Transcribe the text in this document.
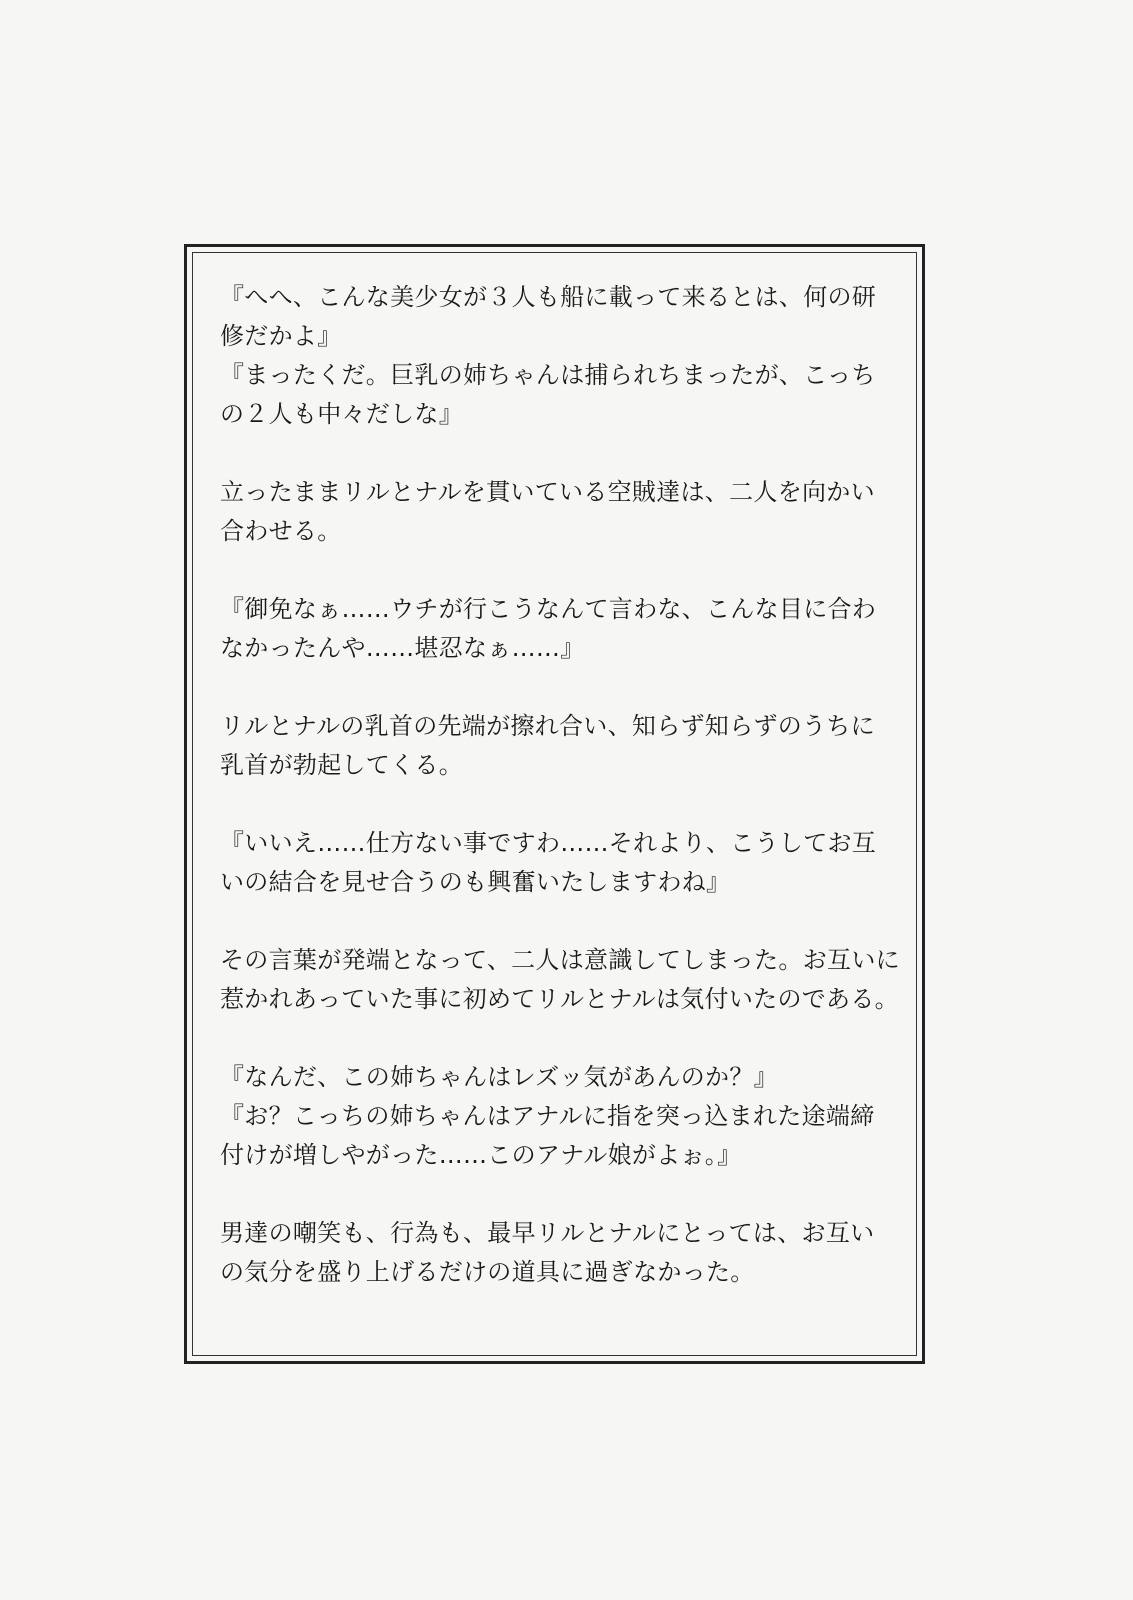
『へへ、こんな美少女が３人も船に載って来るとは、何の研
修だかよ』
『まったくだ。巨乳の姉ちゃんは捕られちまったが、こっち
の２人も中々だしな』
立ったままリルとナルを貫いている空賊達は、二人を向かい
合わせる。
『御免なぁ……ウチが行こうなんて言わな、こんな目に合わ
なかったんや……堪忍なぁ……』
リルとナルの乳首の先端が擦れ合い、知らず知らずのうちに
乳首が勃起してくる。
『いいえ……仕方ない事ですわ……それより、こうしてお互
いの結合を見せ合うのも興奮いたしますわね』
その言葉が発端となって、二人は意識してしまった。お互いに
惹かれあっていた事に初めてリルとナルは気付いたのである。
『なんだ、この姉ちゃんはレズッ気があんのか？』
『お？こっちの姉ちゃんはアナルに指を突っ込まれた途端締
付けが増しやがった……このアナル娘がよぉ。』
男達の嘲笑も、行為も、最早リルとナルにとっては、お互い
の気分を盛り上げるだけの道具に過ぎなかった。
